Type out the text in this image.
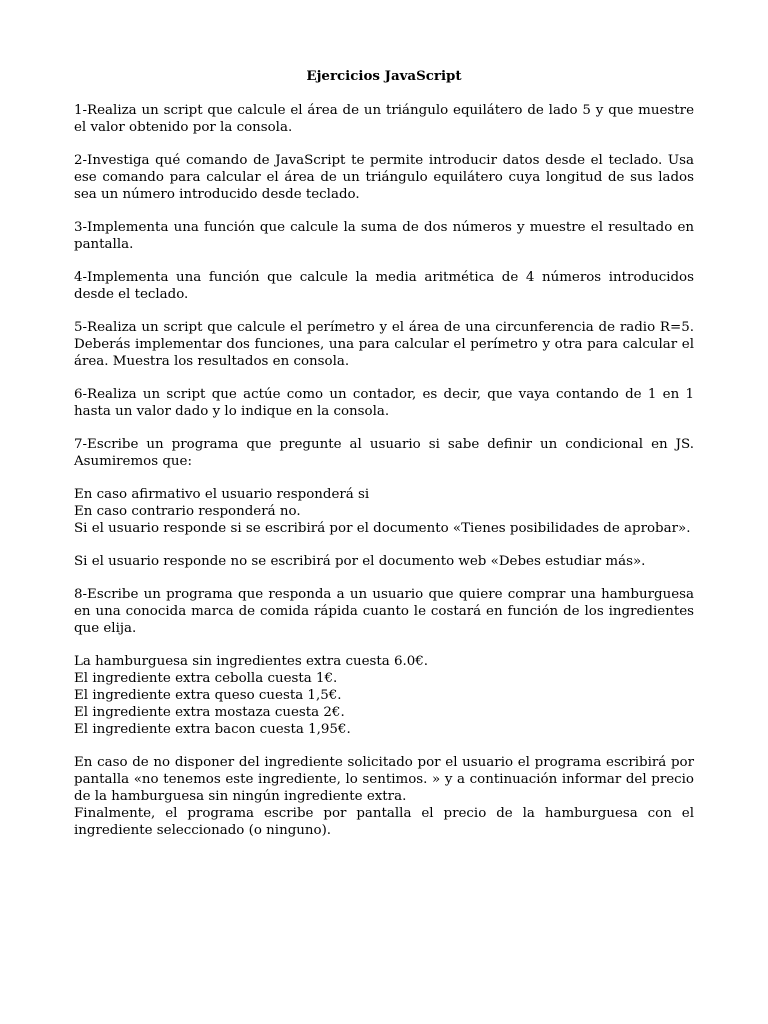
Ejercicios JavaScript

1-Realiza un script que calcule el área de un triángulo equilátero de lado 5 y que muestre el valor obtenido por la consola.

2-Investiga qué comando de JavaScript te permite introducir datos desde el teclado. Usa ese comando para calcular el área de un triángulo equilátero cuya longitud de sus lados sea un número introducido desde teclado.

3-Implementa una función que calcule la suma de dos números y muestre el resultado en pantalla.

4-Implementa una función que calcule la media aritmética de 4 números introducidos desde el teclado.

5-Realiza un script que calcule el perímetro y el área de una circunferencia de radio R=5. Deberás implementar dos funciones, una para calcular el perímetro y otra para calcular el área. Muestra los resultados en consola.

6-Realiza un script que actúe como un contador, es decir, que vaya contando de 1 en 1 hasta un valor dado y lo indique en la consola.

7-Escribe un programa que pregunte al usuario si sabe definir un condicional en JS. Asumiremos que:

En caso afirmativo el usuario responderá si
En caso contrario responderá no.
Si el usuario responde si se escribirá por el documento «Tienes posibilidades de aprobar».

Si el usuario responde no se escribirá por el documento web «Debes estudiar más».

8-Escribe un programa que responda a un usuario que quiere comprar una hamburguesa en una conocida marca de comida rápida cuanto le costará en función de los ingredientes que elija.

La hamburguesa sin ingredientes extra cuesta 6.0€.
El ingrediente extra cebolla cuesta 1€.
El ingrediente extra queso cuesta 1,5€.
El ingrediente extra mostaza cuesta 2€.
El ingrediente extra bacon cuesta 1,95€.

En caso de no disponer del ingrediente solicitado por el usuario el programa escribirá por pantalla «no tenemos este ingrediente, lo sentimos. » y a continuación informar del precio de la hamburguesa sin ningún ingrediente extra.

Finalmente, el programa escribe por pantalla el precio de la hamburguesa con el ingrediente seleccionado (o ninguno).
